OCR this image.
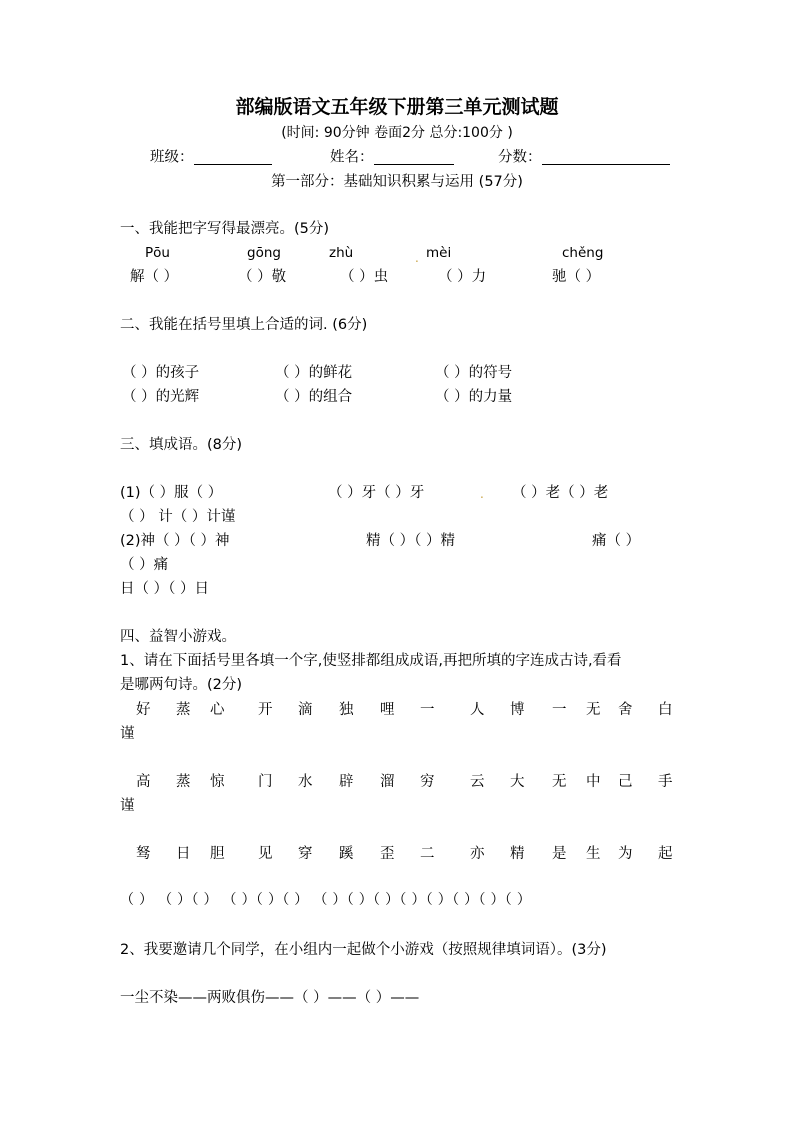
部编版语文五年级下册第三单元测试题
(时间: 90分钟 卷面2分 总分:100分 )
班级：	姓名：	分数：
第一部分：基础知识积累与运用 (57分)
一、我能把字写得最漂亮。(5分)
Pōu	gōng	zhù	. mèi	chěng
解（ ）	（ ）敬	（ ）虫	（ ）力	驰（ ）
二、我能在括号里填上合适的词. (6分)
（ ）的孩子	（ ）的鲜花	（ ）的符号
（ ）的光辉	（ ）的组合	（ ）的力量
三、填成语。(8分)
(1)（ ）服（ ）	（ ）牙（ ）牙	. （ ）老（ ）老
（ ） 计（ ）计谨
(2)神（ ）（ ）神	精（ ）（ ）精	痛（ ）
（ ）痛
日（ ）（ ）日
四、益智小游戏。
1、请在下面括号里各填一个字,使竖排都组成成语,再把所填的字连成古诗,看看
是哪两句诗。(2分)
好 蒸 心 开 滴 独 哩 一 人 博 一 无 舍 白
谨
高 蒸 惊 门 水 辟 溜 穷 云 大 无 中 己 手
谨
驽 日 胆 见 穿 蹊 歪 二 亦 精 是 生 为 起
（ ） （ ）（ ） （ ）（ ）（ ） （ ）（ ）（ ）（ ）（ ）（ ）（ ）（ ）
2、我要邀请几个同学，在小组内一起做个小游戏（按照规律填词语）。(3分)
一尘不染——两败俱伤——（ ）——（ ）——
